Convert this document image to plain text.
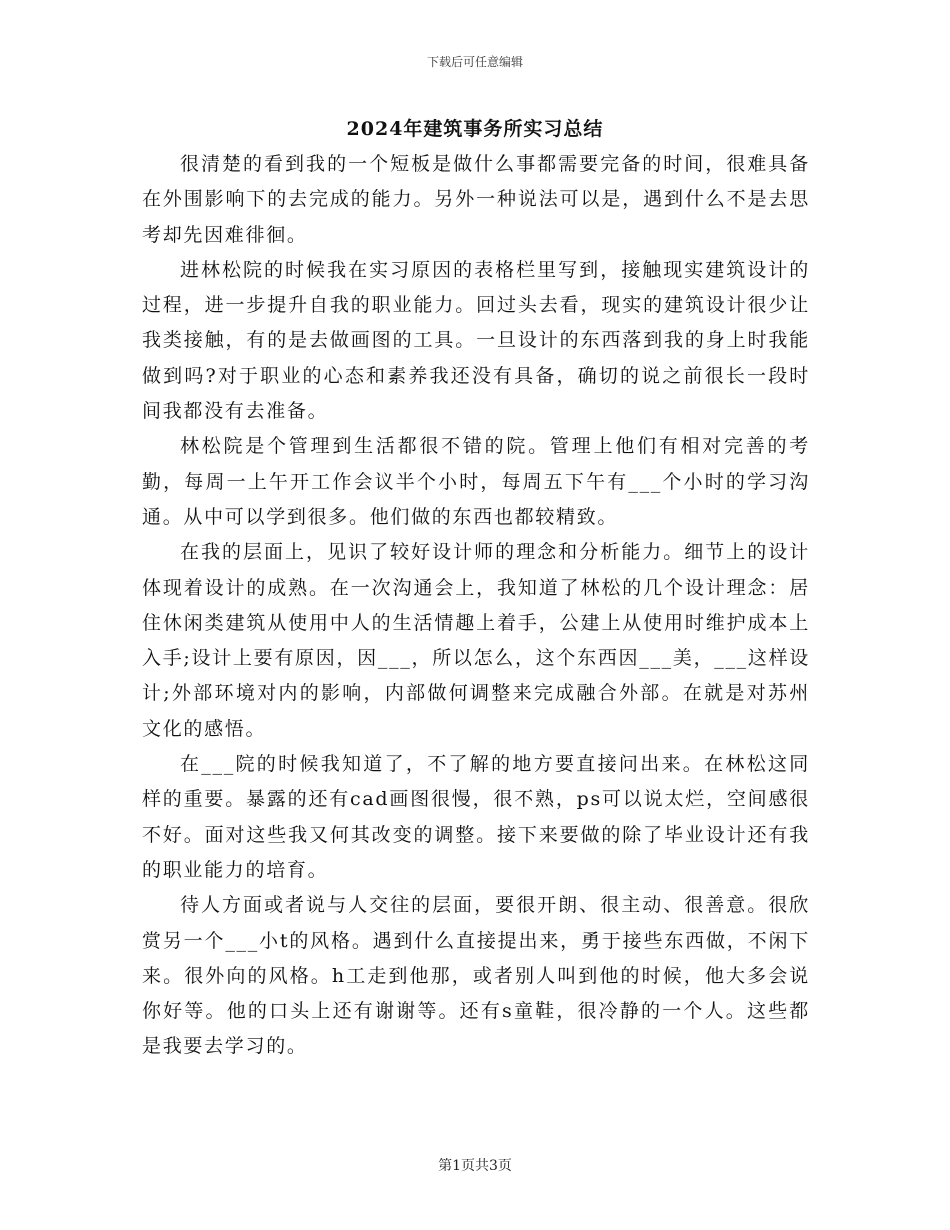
下载后可任意编辑
2024年建筑事务所实习总结

很清楚的看到我的一个短板是做什么事都需要完备的时间，很难具备在外围影响下的去完成的能力。另外一种说法可以是，遇到什么不是去思考却先因难徘徊。

进林松院的时候我在实习原因的表格栏里写到，接触现实建筑设计的过程，进一步提升自我的职业能力。回过头去看，现实的建筑设计很少让我类接触，有的是去做画图的工具。一旦设计的东西落到我的身上时我能做到吗?对于职业的心态和素养我还没有具备，确切的说之前很长一段时间我都没有去准备。

林松院是个管理到生活都很不错的院。管理上他们有相对完善的考勤，每周一上午开工作会议半个小时，每周五下午有___个小时的学习沟通。从中可以学到很多。他们做的东西也都较精致。

在我的层面上，见识了较好设计师的理念和分析能力。细节上的设计体现着设计的成熟。在一次沟通会上，我知道了林松的几个设计理念：居住休闲类建筑从使用中人的生活情趣上着手，公建上从使用时维护成本上入手;设计上要有原因，因___，所以怎么，这个东西因___美，___这样设计;外部环境对内的影响，内部做何调整来完成融合外部。在就是对苏州文化的感悟。

在___院的时候我知道了，不了解的地方要直接问出来。在林松这同样的重要。暴露的还有cad画图很慢，很不熟，ps可以说太烂，空间感很不好。面对这些我又何其改变的调整。接下来要做的除了毕业设计还有我的职业能力的培育。

待人方面或者说与人交往的层面，要很开朗、很主动、很善意。很欣赏另一个___小t的风格。遇到什么直接提出来，勇于接些东西做，不闲下来。很外向的风格。h工走到他那，或者别人叫到他的时候，他大多会说你好等。他的口头上还有谢谢等。还有s童鞋，很冷静的一个人。这些都是我要去学习的。

第1页共3页
